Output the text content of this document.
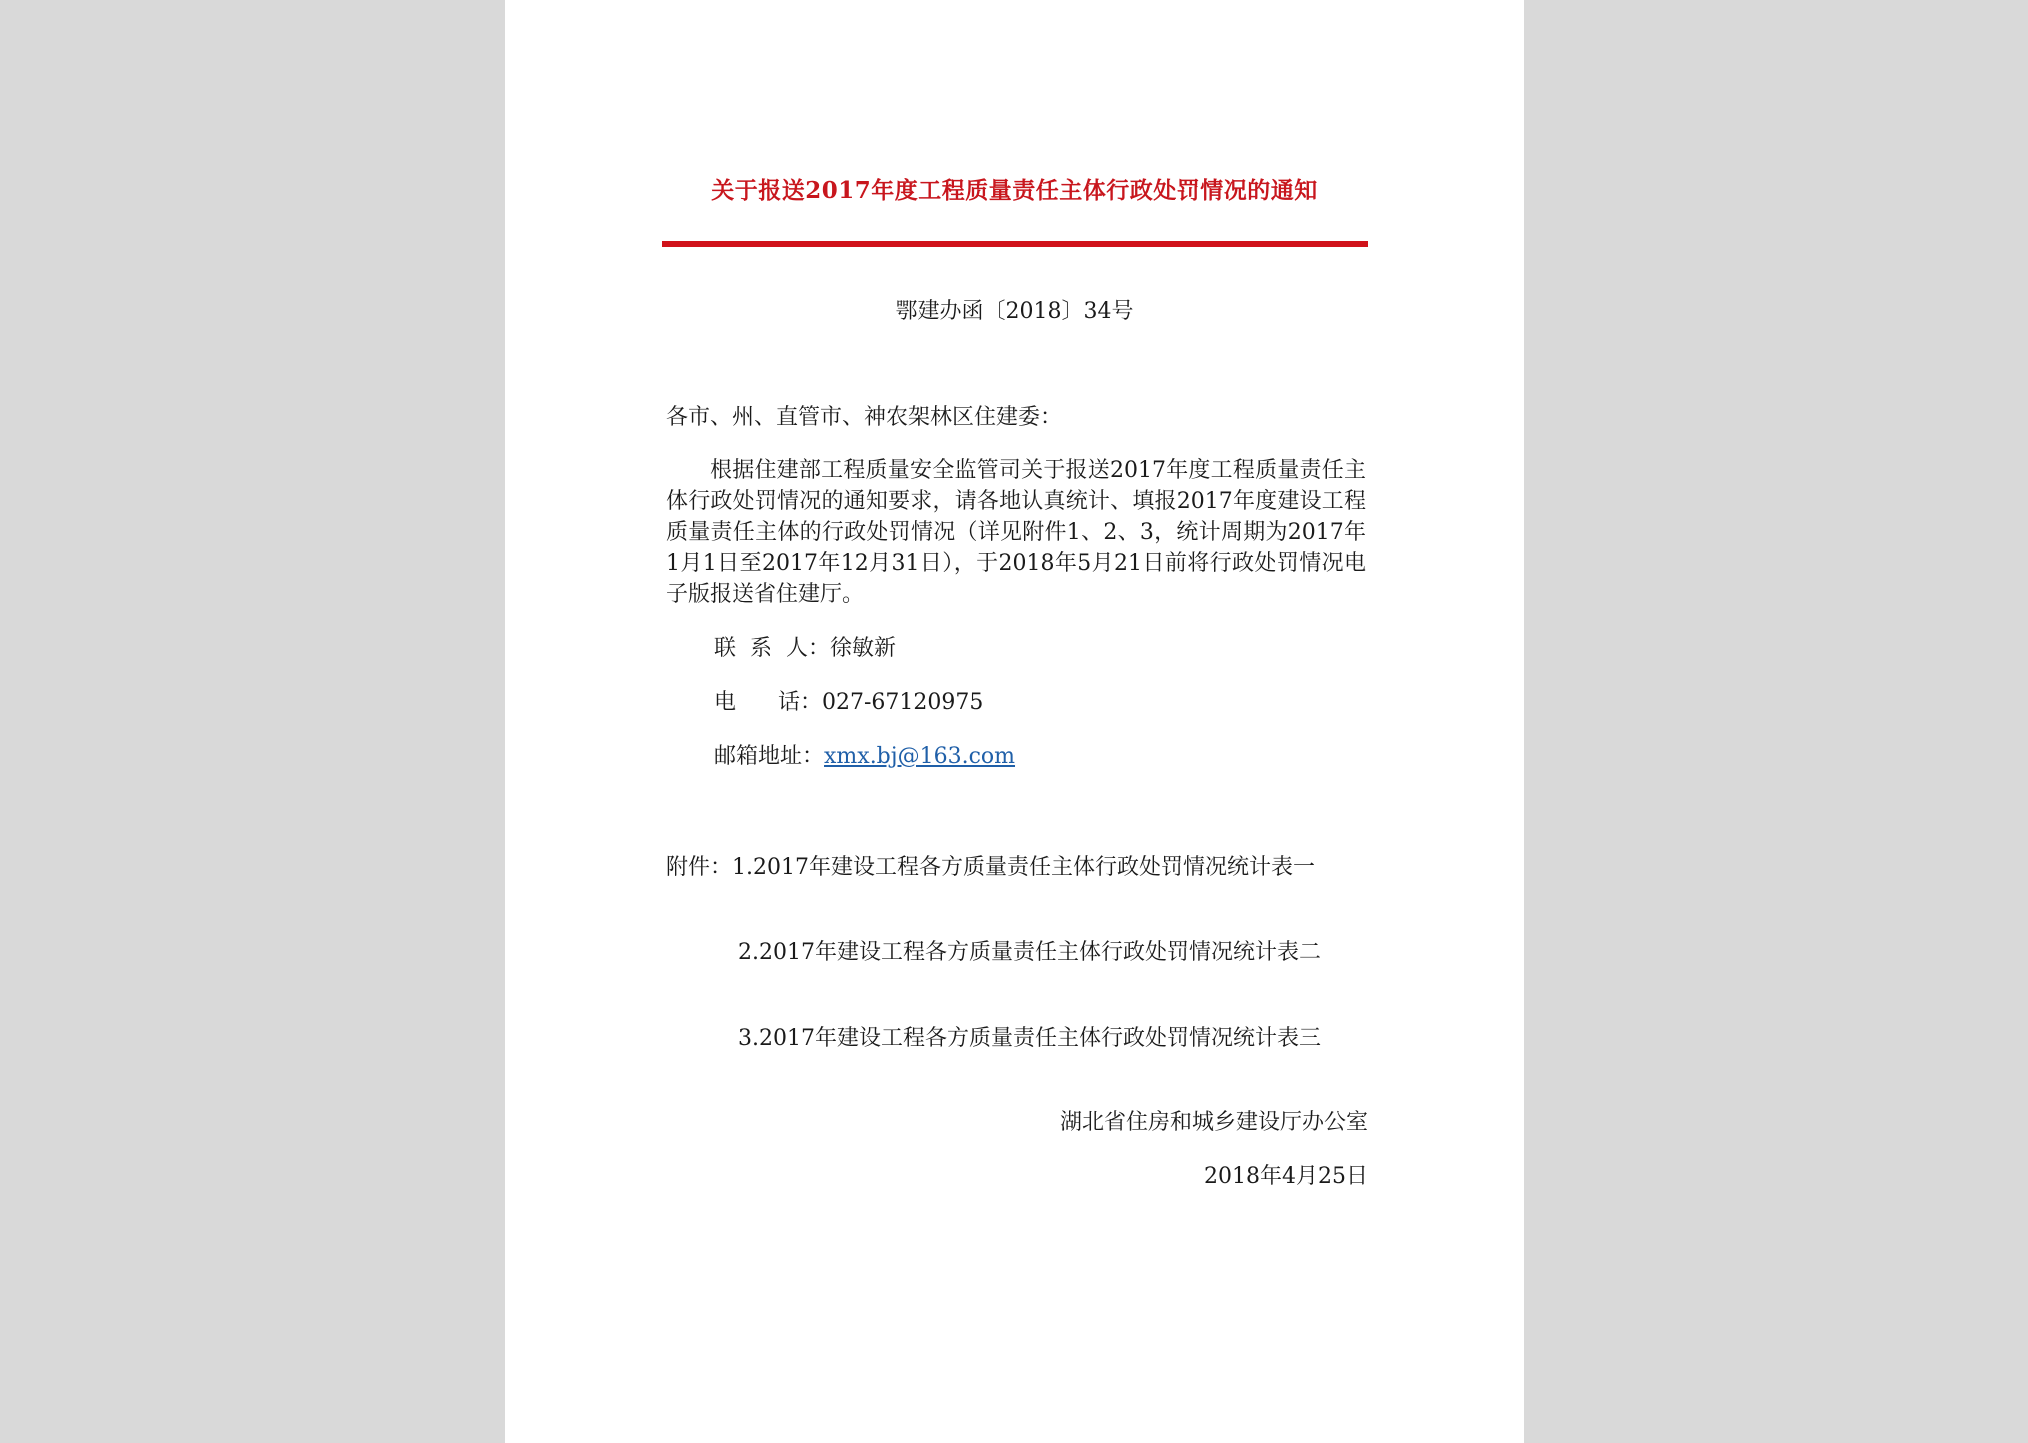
关于报送2017年度工程质量责任主体行政处罚情况的通知
鄂建办函〔2018〕34号
各市、州、直管市、神农架林区住建委：
根据住建部工程质量安全监管司关于报送2017年度工程质量责任主体行政处罚情况的通知要求，请各地认真统计、填报2017年度建设工程质量责任主体的行政处罚情况（详见附件1、2、3，统计周期为2017年1月1日至2017年12月31日），于2018年5月21日前将行政处罚情况电子版报送省住建厅。
联  系  人：徐敏新
电      话：027-67120975
邮箱地址：xmx.bj@163.com
附件：1.2017年建设工程各方质量责任主体行政处罚情况统计表一
2.2017年建设工程各方质量责任主体行政处罚情况统计表二
3.2017年建设工程各方质量责任主体行政处罚情况统计表三
湖北省住房和城乡建设厅办公室
2018年4月25日
